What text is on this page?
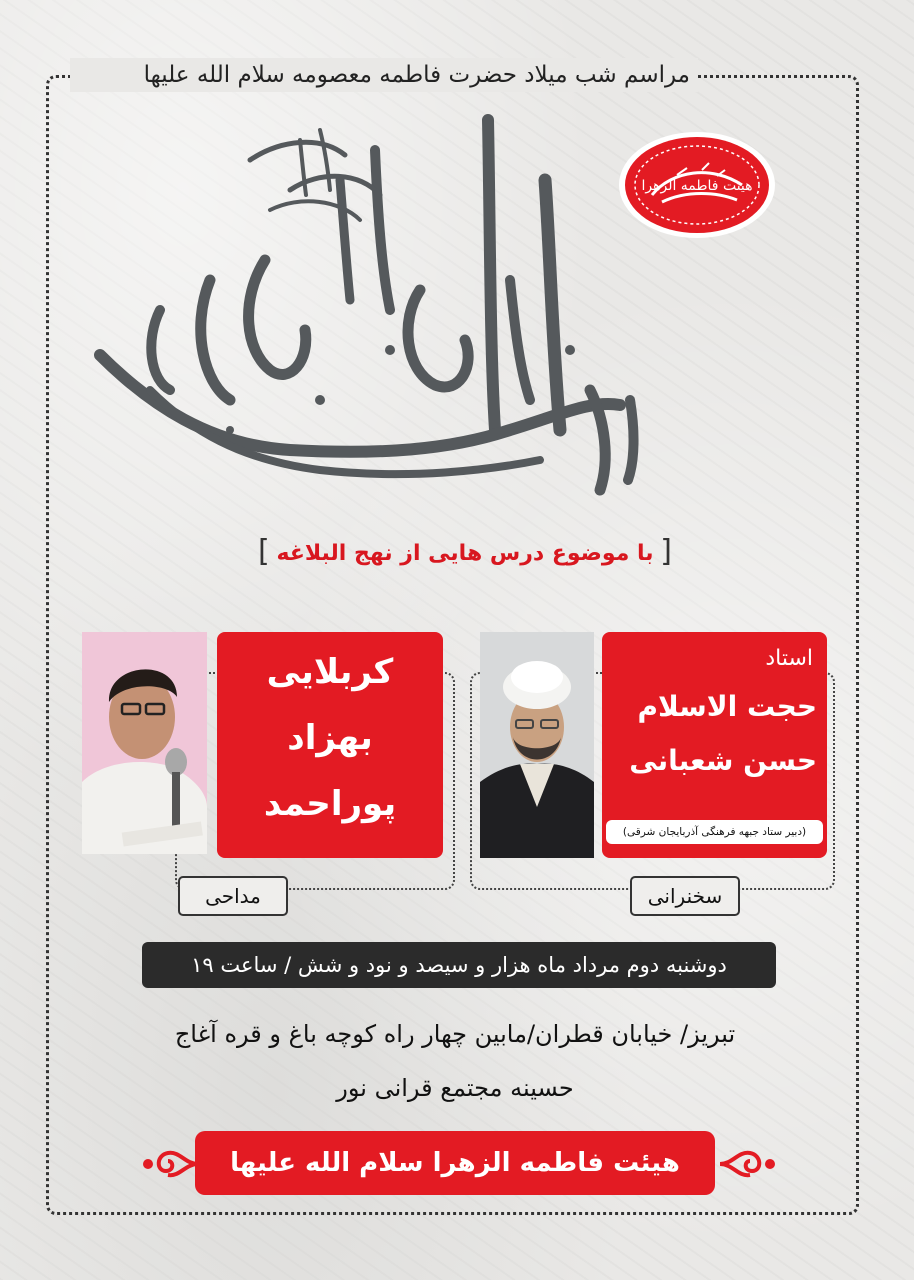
مراسم شب میلاد حضرت فاطمه معصومه سلام الله علیها
هیئت فاطمه الزهرا
[
با موضوع درس هایی از نهج البلاغه
]
استاد
حجت الاسلام
حسن شعبانی
(دبیر ستاد جبهه فرهنگی آذربایجان شرقی)
سخنرانی
کربلایی
بهزاد
پوراحمد
مداحی
دوشنبه دوم مرداد ماه هزار و سیصد و نود و شش / ساعت ۱۹
تبریز/ خیابان قطران/مابین چهار راه کوچه باغ و قره آغاج
حسینه مجتمع قرانی نور
هیئت فاطمه الزهرا سلام الله علیها
